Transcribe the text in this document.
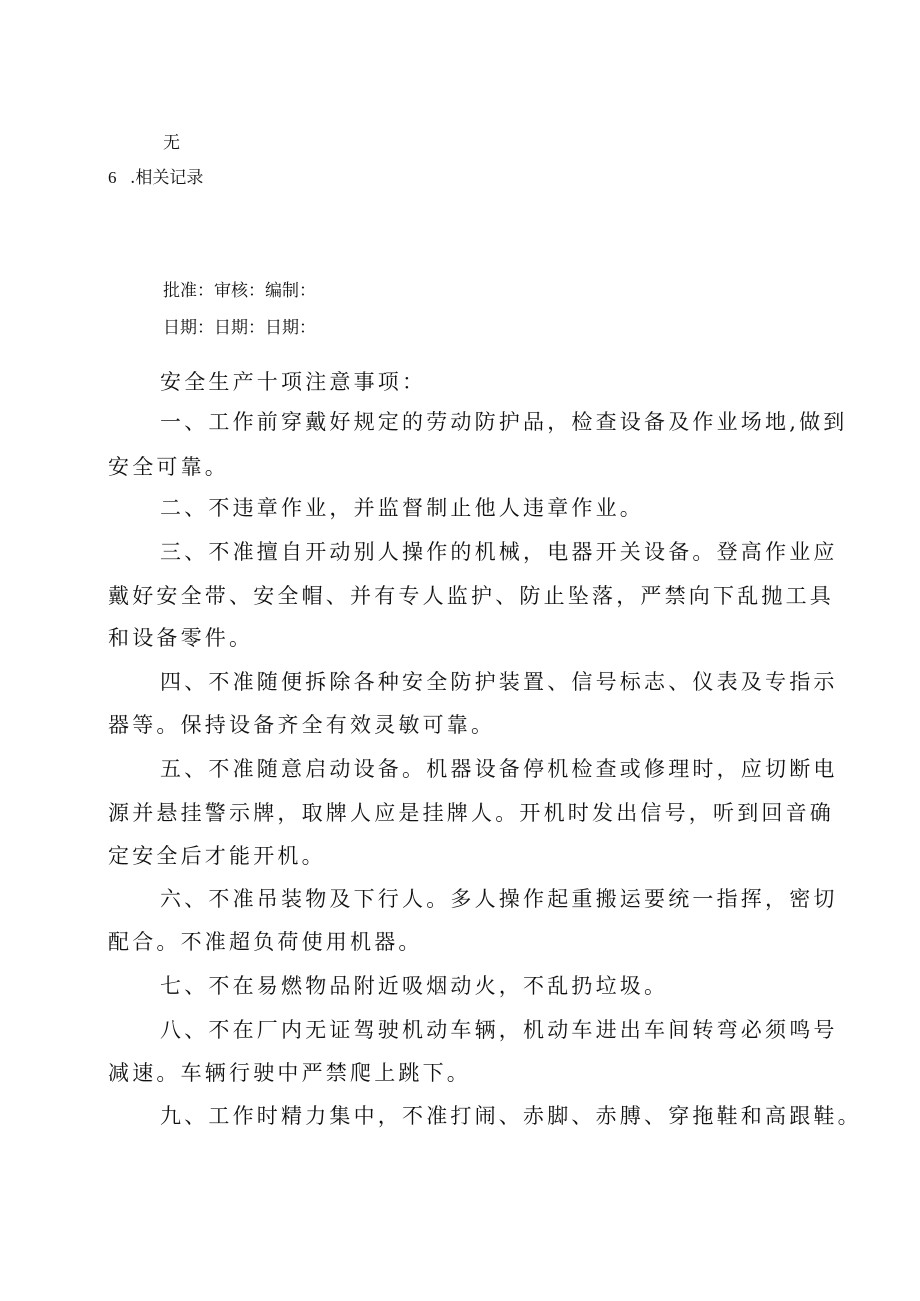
无

6 .相关记录

批准：审核：编制：

日期：日期：日期：

安全生产十项注意事项：

一、工作前穿戴好规定的劳动防护品，检查设备及作业场地,做到

安全可靠。

二、不违章作业，并监督制止他人违章作业。

三、不准擅自开动别人操作的机械，电器开关设备。登高作业应

戴好安全带、安全帽、并有专人监护、防止坠落，严禁向下乱抛工具

和设备零件。

四、不准随便拆除各种安全防护装置、信号标志、仪表及专指示

器等。保持设备齐全有效灵敏可靠。

五、不准随意启动设备。机器设备停机检查或修理时，应切断电

源并悬挂警示牌，取牌人应是挂牌人。开机时发出信号，听到回音确

定安全后才能开机。

六、不准吊装物及下行人。多人操作起重搬运要统一指挥，密切

配合。不准超负荷使用机器。

七、不在易燃物品附近吸烟动火，不乱扔垃圾。

八、不在厂内无证驾驶机动车辆，机动车进出车间转弯必须鸣号

减速。车辆行驶中严禁爬上跳下。

九、工作时精力集中，不准打闹、赤脚、赤膊、穿拖鞋和高跟鞋。
